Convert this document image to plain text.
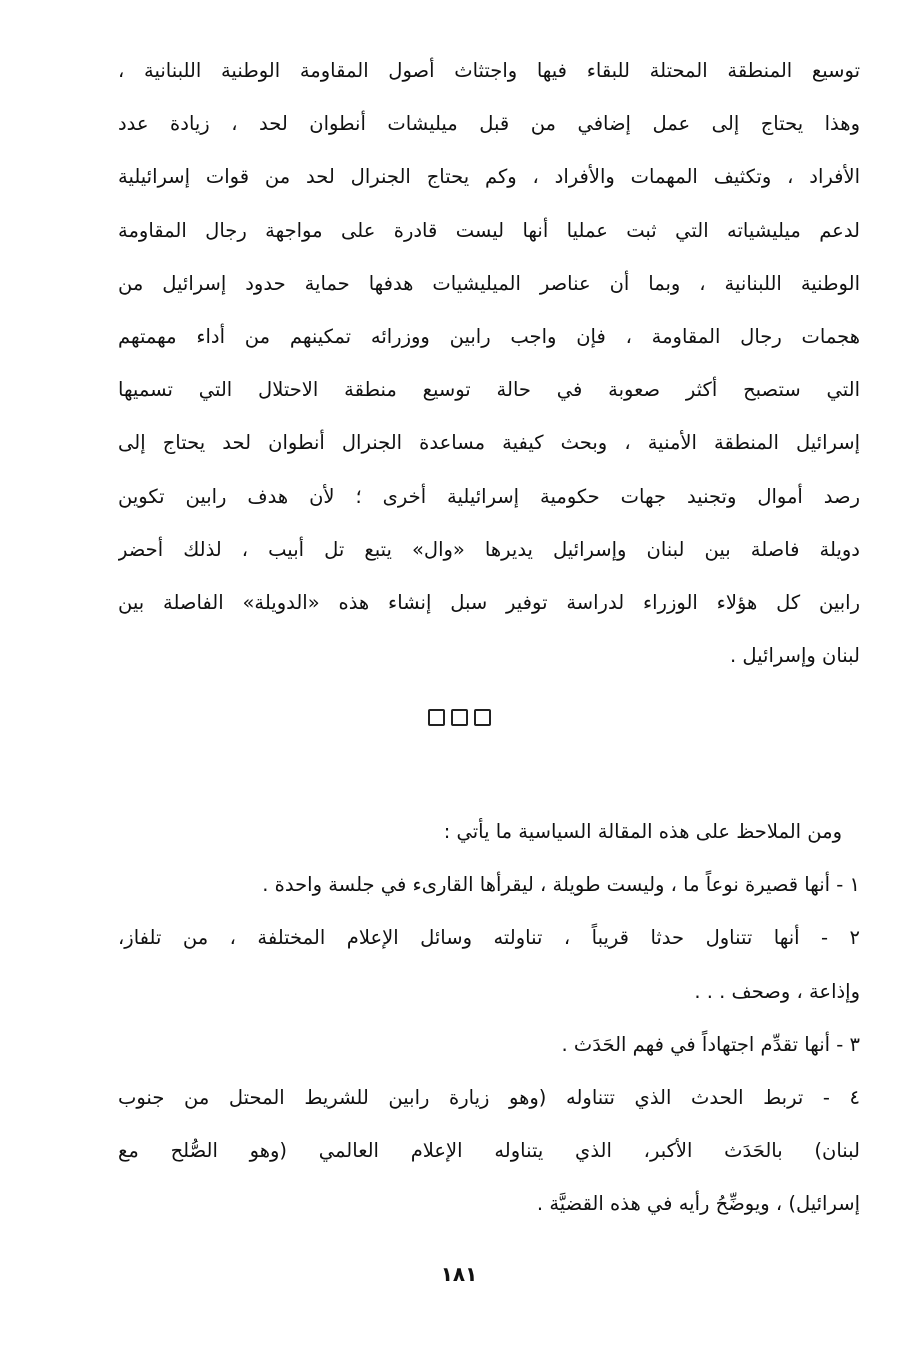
توسيع المنطقة المحتلة للبقاء فيها واجتثاث أصول المقاومة الوطنية اللبنانية ،
وهذا يحتاج إلى عمل إضافي من قبل ميليشات أنطوان لحد ، زيادة عدد
الأفراد ، وتكثيف المهمات والأفراد ، وكم يحتاج الجنرال لحد من قوات إسرائيلية
لدعم ميليشياته التي ثبت عمليا أنها ليست قادرة على مواجهة رجال المقاومة
الوطنية اللبنانية ، وبما أن عناصر الميليشيات هدفها حماية حدود إسرائيل من
هجمات رجال المقاومة ، فإن واجب رابين ووزرائه تمكينهم من أداء مهمتهم
التي ستصبح أكثر صعوبة في حالة توسيع منطقة الاحتلال التي تسميها
إسرائيل المنطقة الأمنية ، وبحث كيفية مساعدة الجنرال أنطوان لحد يحتاج إلى
رصد أموال وتجنيد جهات حكومية إسرائيلية أخرى ؛ لأن هدف رابين تكوين
دويلة فاصلة بين لبنان وإسرائيل يديرها «وال» يتبع تل أبيب ، لذلك أحضر
رابين كل هؤلاء الوزراء لدراسة توفير سبل إنشاء هذه «الدويلة» الفاصلة بين
لبنان وإسرائيل .

ومن الملاحظ على هذه المقالة السياسية ما يأتي :
١ - أنها قصيرة نوعاً ما ، وليست طويلة ، ليقرأها القارىء في جلسة واحدة .
٢ - أنها تتناول حدثا قريباً ، تناولته وسائل الإعلام المختلفة ، من تلفاز،
وإذاعة ، وصحف . . .
٣ - أنها تقدِّم اجتهاداً في فهم الحَدَث .
٤ - تربط الحدث الذي تتناوله (وهو زيارة رابين للشريط المحتل من جنوب
لبنان) بالحَدَث الأكبر، الذي يتناوله الإعلام العالمي (وهو الصُّلح مع
إسرائيل) ، ويوضِّحُ رأيه في هذه القضيَّة .
١٨١
